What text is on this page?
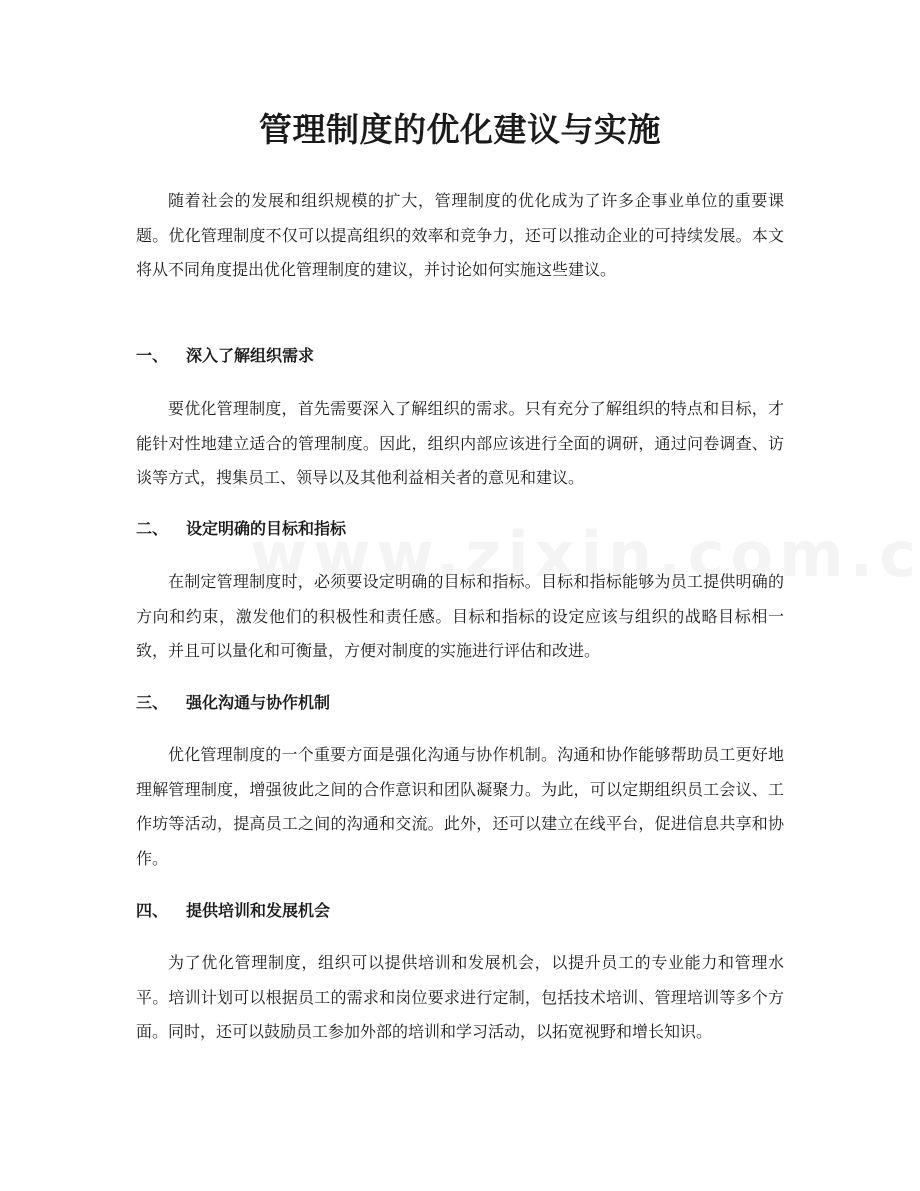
管理制度的优化建议与实施

随着社会的发展和组织规模的扩大，管理制度的优化成为了许多企事业单位的重要课题。优化管理制度不仅可以提高组织的效率和竞争力，还可以推动企业的可持续发展。本文将从不同角度提出优化管理制度的建议，并讨论如何实施这些建议。

一、 深入了解组织需求

要优化管理制度，首先需要深入了解组织的需求。只有充分了解组织的特点和目标，才能针对性地建立适合的管理制度。因此，组织内部应该进行全面的调研，通过问卷调查、访谈等方式，搜集员工、领导以及其他利益相关者的意见和建议。

二、 设定明确的目标和指标

在制定管理制度时，必须要设定明确的目标和指标。目标和指标能够为员工提供明确的方向和约束，激发他们的积极性和责任感。目标和指标的设定应该与组织的战略目标相一致，并且可以量化和可衡量，方便对制度的实施进行评估和改进。

三、 强化沟通与协作机制

优化管理制度的一个重要方面是强化沟通与协作机制。沟通和协作能够帮助员工更好地理解管理制度，增强彼此之间的合作意识和团队凝聚力。为此，可以定期组织员工会议、工作坊等活动，提高员工之间的沟通和交流。此外，还可以建立在线平台，促进信息共享和协作。

四、 提供培训和发展机会

为了优化管理制度，组织可以提供培训和发展机会，以提升员工的专业能力和管理水平。培训计划可以根据员工的需求和岗位要求进行定制，包括技术培训、管理培训等多个方面。同时，还可以鼓励员工参加外部的培训和学习活动，以拓宽视野和增长知识。
